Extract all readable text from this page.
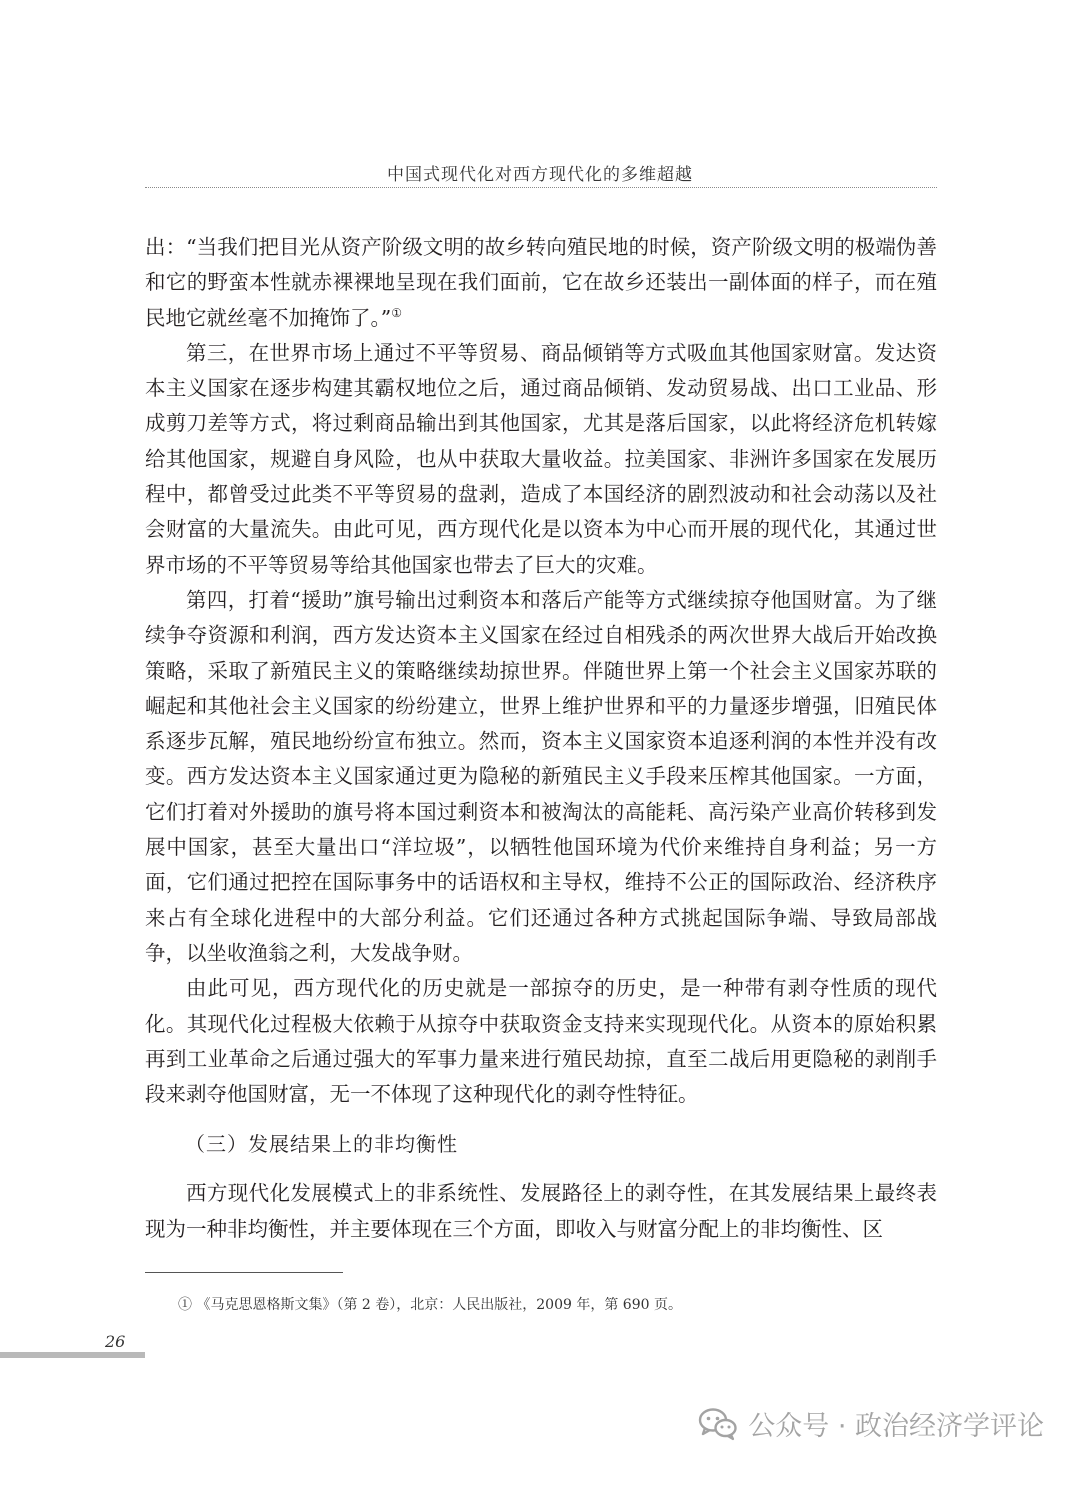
中国式现代化对西方现代化的多维超越

出：“当我们把目光从资产阶级文明的故乡转向殖民地的时候，资产阶级文明的极端伪善和它的野蛮本性就赤裸裸地呈现在我们面前，它在故乡还装出一副体面的样子，而在殖民地它就丝毫不加掩饰了。”①

第三，在世界市场上通过不平等贸易、商品倾销等方式吸血其他国家财富。发达资本主义国家在逐步构建其霸权地位之后，通过商品倾销、发动贸易战、出口工业品、形成剪刀差等方式，将过剩商品输出到其他国家，尤其是落后国家，以此将经济危机转嫁给其他国家，规避自身风险，也从中获取大量收益。拉美国家、非洲许多国家在发展历程中，都曾受过此类不平等贸易的盘剥，造成了本国经济的剧烈波动和社会动荡以及社会财富的大量流失。由此可见，西方现代化是以资本为中心而开展的现代化，其通过世界市场的不平等贸易等给其他国家也带去了巨大的灾难。

第四，打着“援助”旗号输出过剩资本和落后产能等方式继续掠夺他国财富。为了继续争夺资源和利润，西方发达资本主义国家在经过自相残杀的两次世界大战后开始改换策略，采取了新殖民主义的策略继续劫掠世界。伴随世界上第一个社会主义国家苏联的崛起和其他社会主义国家的纷纷建立，世界上维护世界和平的力量逐步增强，旧殖民体系逐步瓦解，殖民地纷纷宣布独立。然而，资本主义国家资本追逐利润的本性并没有改变。西方发达资本主义国家通过更为隐秘的新殖民主义手段来压榨其他国家。一方面，它们打着对外援助的旗号将本国过剩资本和被淘汰的高能耗、高污染产业高价转移到发展中国家，甚至大量出口“洋垃圾”，以牺牲他国环境为代价来维持自身利益；另一方面，它们通过把控在国际事务中的话语权和主导权，维持不公正的国际政治、经济秩序来占有全球化进程中的大部分利益。它们还通过各种方式挑起国际争端、导致局部战争，以坐收渔翁之利，大发战争财。

由此可见，西方现代化的历史就是一部掠夺的历史，是一种带有剥夺性质的现代化。其现代化过程极大依赖于从掠夺中获取资金支持来实现现代化。从资本的原始积累再到工业革命之后通过强大的军事力量来进行殖民劫掠，直至二战后用更隐秘的剥削手段来剥夺他国财富，无一不体现了这种现代化的剥夺性特征。

（三）发展结果上的非均衡性

西方现代化发展模式上的非系统性、发展路径上的剥夺性，在其发展结果上最终表现为一种非均衡性，并主要体现在三个方面，即收入与财富分配上的非均衡性、区

① 《马克思恩格斯文集》（第 2 卷），北京：人民出版社，2009 年，第 690 页。
26
公众号 · 政治经济学评论
